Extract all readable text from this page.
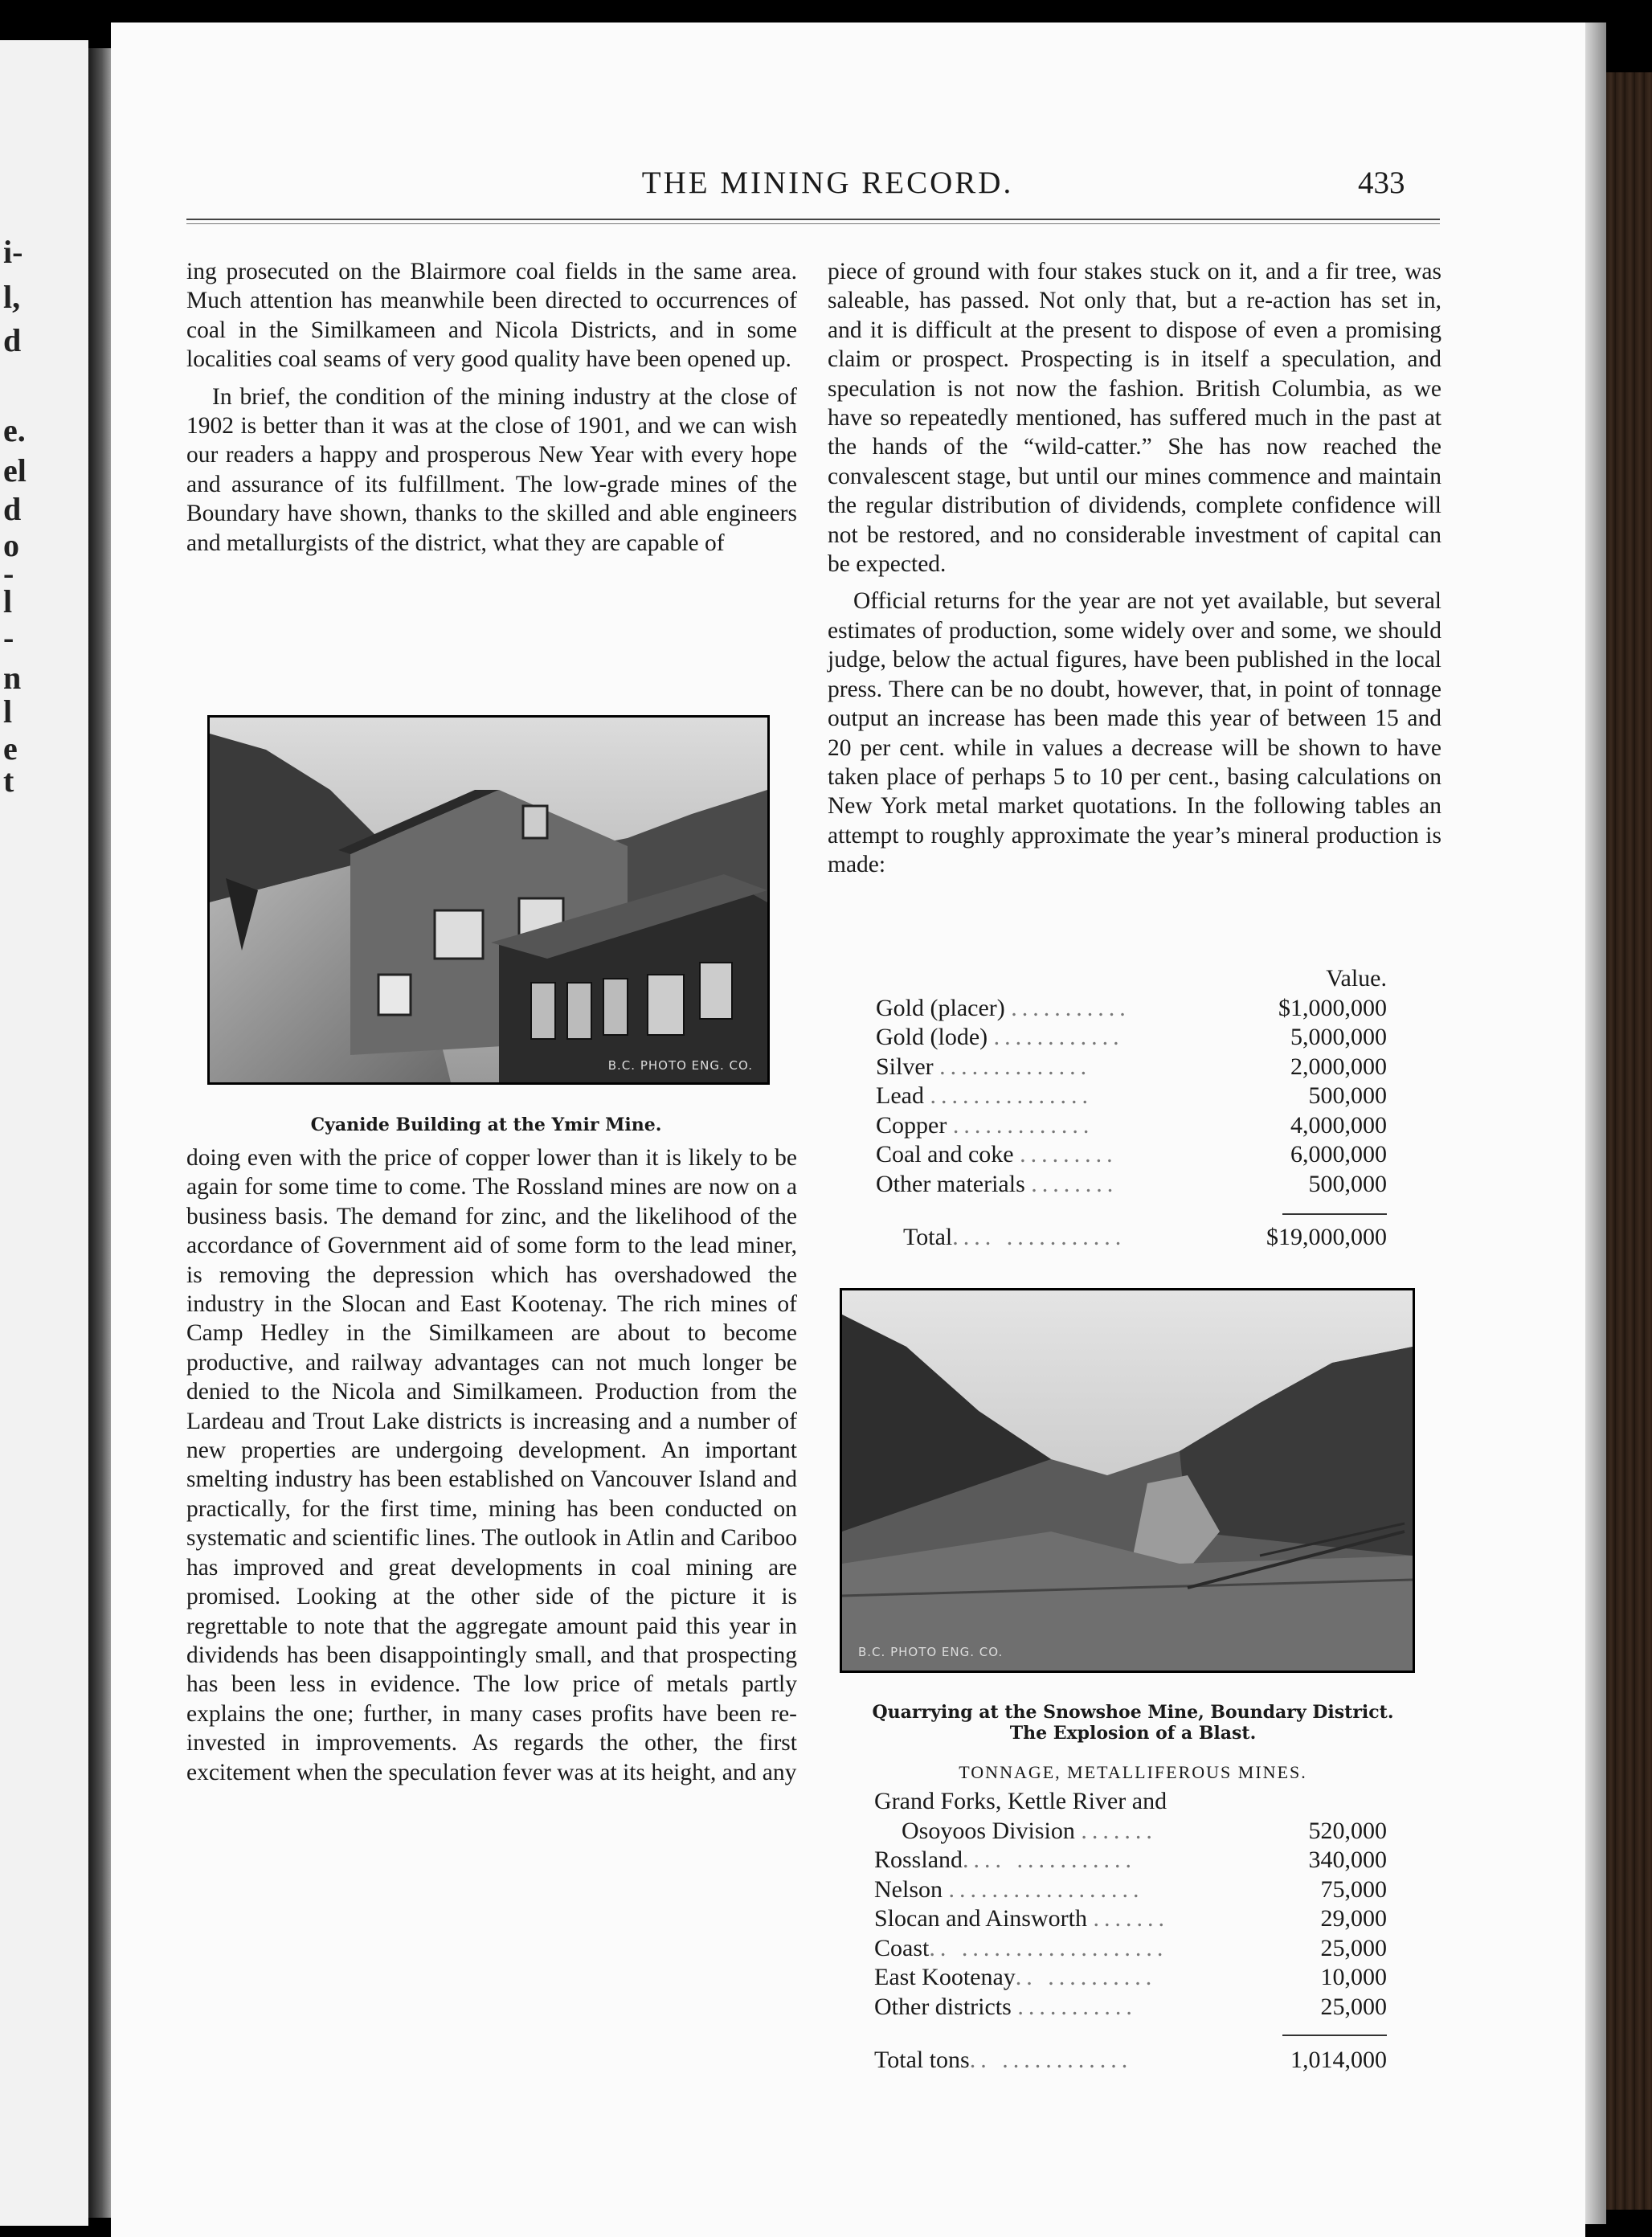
i-
l,
d
e.
el
d
o
-
l
-
n
l
e
t
THE MINING RECORD.	433

ing prosecuted on the Blairmore coal fields in the same area. Much attention has meanwhile been directed to occurrences of coal in the Similkameen and Nicola Districts, and in some localities coal seams of very good quality have been opened up.

In brief, the condition of the mining industry at the close of 1902 is better than it was at the close of 1901, and we can wish our readers a happy and prosperous New Year with every hope and assurance of its fulfillment. The low-grade mines of the Boundary have shown, thanks to the skilled and able engineers and metallurgists of the district, what they are capable of

B.C. PHOTO ENG. CO.
Cyanide Building at the Ymir Mine.

doing even with the price of copper lower than it is likely to be again for some time to come. The Rossland mines are now on a business basis. The demand for zinc, and the likelihood of the accordance of Government aid of some form to the lead miner, is removing the depression which has overshadowed the industry in the Slocan and East Kootenay. The rich mines of Camp Hedley in the Similkameen are about to become productive, and railway advantages can not much longer be denied to the Nicola and Similkameen. Production from the Lardeau and Trout Lake districts is increasing and a number of new properties are undergoing development. An important smelting industry has been established on Vancouver Island and practically, for the first time, mining has been conducted on systematic and scientific lines. The outlook in Atlin and Cariboo has improved and great developments in coal mining are promised. Looking at the other side of the picture it is regrettable to note that the aggregate amount paid this year in dividends has been disappointingly small, and that prospecting has been less in evidence. The low price of metals partly explains the one; further, in many cases profits have been re-invested in improvements. As regards the other, the first excitement when the speculation fever was at its height, and any

piece of ground with four stakes stuck on it, and a fir tree, was saleable, has passed. Not only that, but a re-action has set in, and it is difficult at the present to dispose of even a promising claim or prospect. Prospecting is in itself a speculation, and speculation is not now the fashion. British Columbia, as we have so repeatedly mentioned, has suffered much in the past at the hands of the “wild-catter.” She has now reached the convalescent stage, but until our mines commence and maintain the regular distribution of dividends, complete confidence will not be restored, and no considerable investment of capital can be expected.

Official returns for the year are not yet available, but several estimates of production, some widely over and some, we should judge, below the actual figures, have been published in the local press. There can be no doubt, however, that, in point of tonnage output an increase has been made this year of between 15 and 20 per cent. while in values a decrease will be shown to have taken place of perhaps 5 to 10 per cent., basing calculations on New York metal market quotations. In the following tables an attempt to roughly approximate the year’s mineral production is made:

Value.
Gold (placer) ...........	$1,000,000
Gold (lode) ............	5,000,000
Silver ..............	2,000,000
Lead ...............	500,000
Copper .............	4,000,000
Coal and coke .........	6,000,000
Other materials ........	500,000
Total.... ...........	$19,000,000
B.C. PHOTO ENG. CO.
Quarrying at the Snowshoe Mine, Boundary District.
The Explosion of a Blast.
TONNAGE, METALLIFEROUS MINES.
Grand Forks, Kettle River and
Osoyoos Division .......	520,000
Rossland.... ...........	340,000
Nelson ..................	75,000
Slocan and Ainsworth .......	29,000
Coast.. ...................	25,000
East Kootenay.. ..........	10,000
Other districts ...........	25,000
Total tons.. ............	1,014,000
